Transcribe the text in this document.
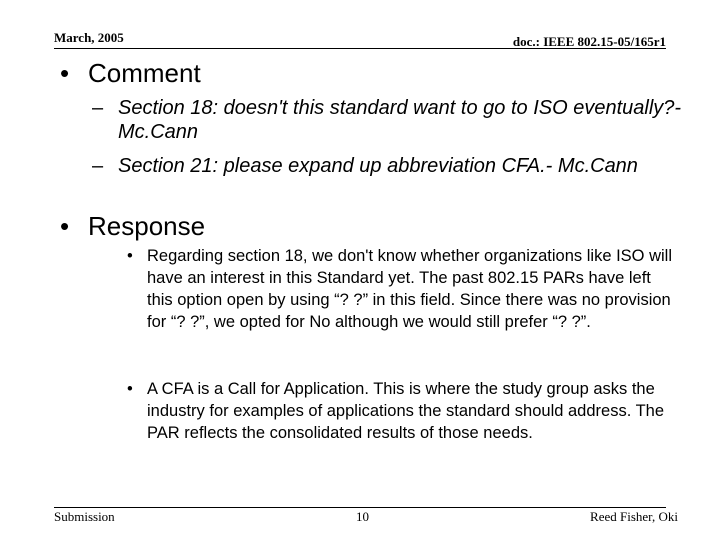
March, 2005	doc.: IEEE 802.15-05/165r1
• Comment
– Section 18: doesn't this standard want to go to ISO eventually?- Mc.Cann
– Section 21: please expand up abbreviation CFA.- Mc.Cann
• Response
• Regarding section 18, we don't know whether organizations like ISO will have an interest in this Standard yet. The past 802.15 PARs have left this option open by using “? ?” in this field. Since there was no provision for “? ?”, we opted for No although we would still prefer “? ?”.
• A CFA is a Call for Application. This is where the study group asks the industry for examples of applications the standard should address. The PAR reflects the consolidated results of those needs.
Submission	10	Reed Fisher, Oki
